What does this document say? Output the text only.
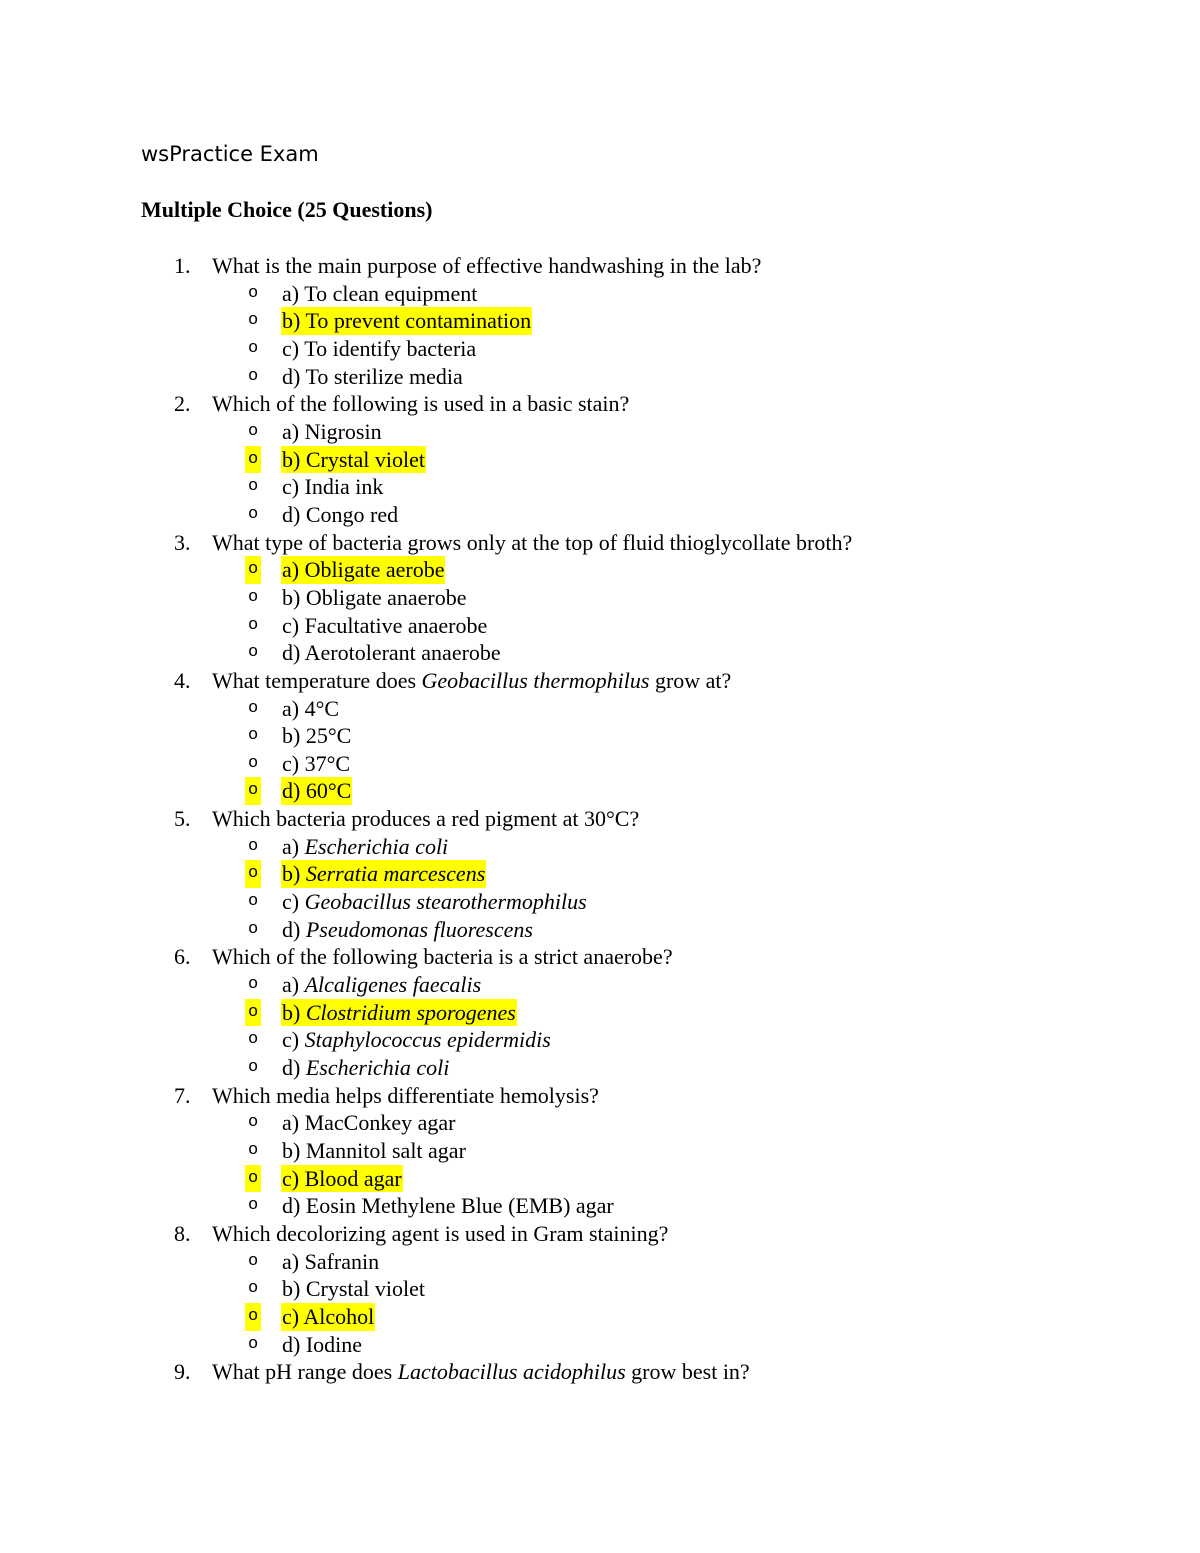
wsPractice Exam
Multiple Choice (25 Questions)
1. What is the main purpose of effective handwashing in the lab?
o a) To clean equipment
o b) To prevent contamination
o c) To identify bacteria
o d) To sterilize media
2. Which of the following is used in a basic stain?
o a) Nigrosin
o b) Crystal violet
o c) India ink
o d) Congo red
3. What type of bacteria grows only at the top of fluid thioglycollate broth?
o a) Obligate aerobe
o b) Obligate anaerobe
o c) Facultative anaerobe
o d) Aerotolerant anaerobe
4. What temperature does Geobacillus thermophilus grow at?
o a) 4°C
o b) 25°C
o c) 37°C
o d) 60°C
5. Which bacteria produces a red pigment at 30°C?
o a) Escherichia coli
o b) Serratia marcescens
o c) Geobacillus stearothermophilus
o d) Pseudomonas fluorescens
6. Which of the following bacteria is a strict anaerobe?
o a) Alcaligenes faecalis
o b) Clostridium sporogenes
o c) Staphylococcus epidermidis
o d) Escherichia coli
7. Which media helps differentiate hemolysis?
o a) MacConkey agar
o b) Mannitol salt agar
o c) Blood agar
o d) Eosin Methylene Blue (EMB) agar
8. Which decolorizing agent is used in Gram staining?
o a) Safranin
o b) Crystal violet
o c) Alcohol
o d) Iodine
9. What pH range does Lactobacillus acidophilus grow best in?
